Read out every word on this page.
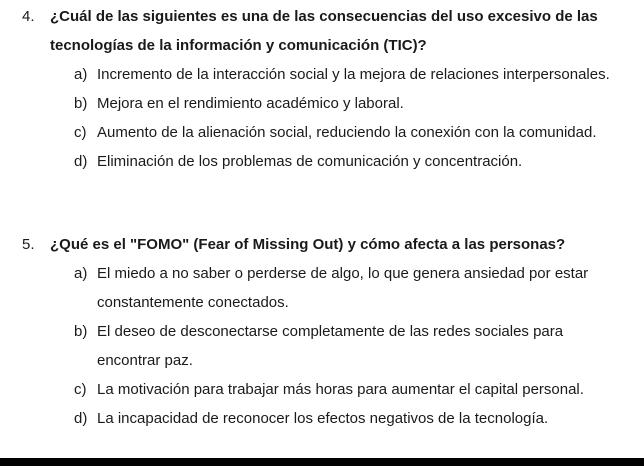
4. ¿Cuál de las siguientes es una de las consecuencias del uso excesivo de las tecnologías de la información y comunicación (TIC)?

a) Incremento de la interacción social y la mejora de relaciones interpersonales.
b) Mejora en el rendimiento académico y laboral.
c) Aumento de la alienación social, reduciendo la conexión con la comunidad.
d) Eliminación de los problemas de comunicación y concentración.
5. ¿Qué es el "FOMO" (Fear of Missing Out) y cómo afecta a las personas?

a) El miedo a no saber o perderse de algo, lo que genera ansiedad por estar constantemente conectados.
b) El deseo de desconectarse completamente de las redes sociales para encontrar paz.
c) La motivación para trabajar más horas para aumentar el capital personal.
d) La incapacidad de reconocer los efectos negativos de la tecnología.
